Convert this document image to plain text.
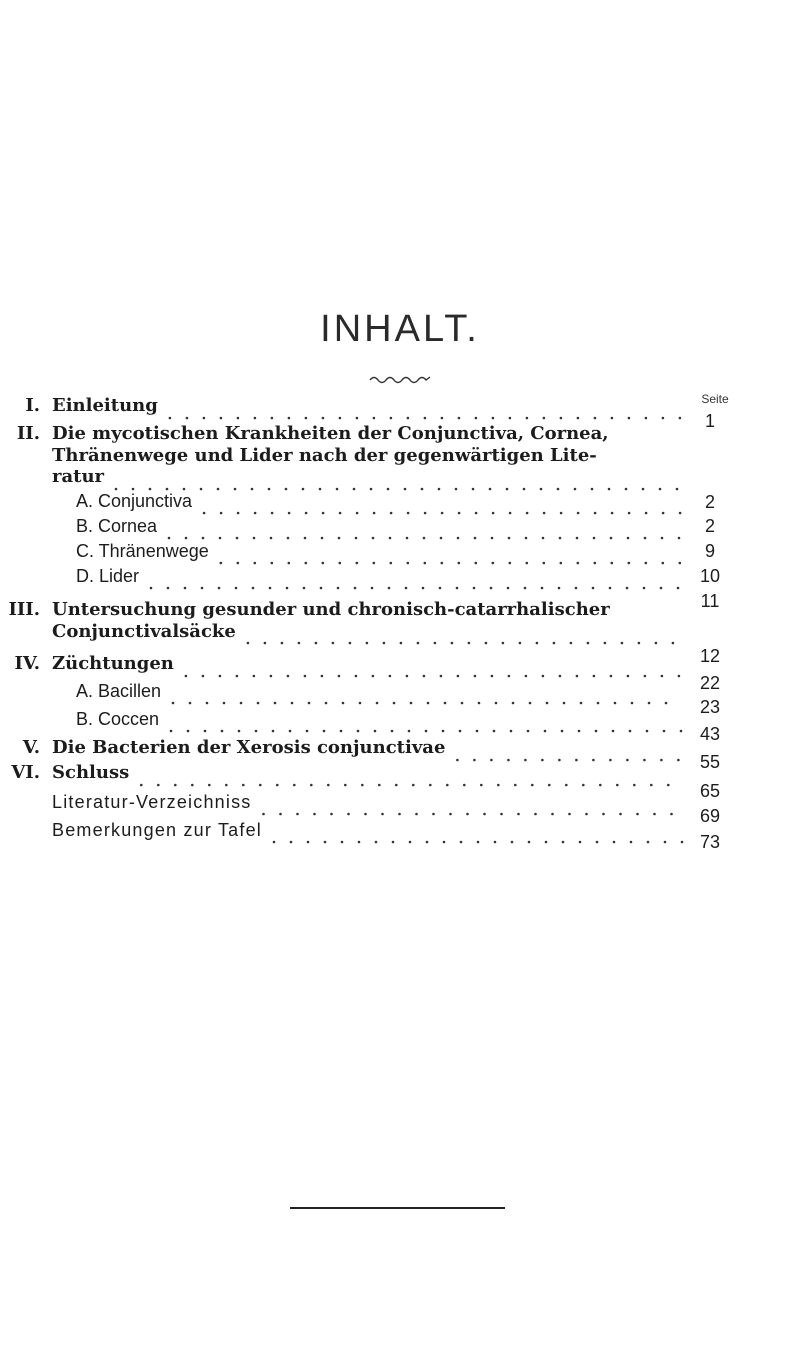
INHALT.
Seite
I. Einleitung
1
II. Die mycotischen Krankheiten der Conjunctiva, Cornea,
Thränenwege und Lider nach der gegenwärtigen Lite-
ratur
2
A. Conjunctiva
2
B. Cornea
9
C. Thränenwege
10
D. Lider
11
III. Untersuchung gesunder und chronisch-catarrhalischer
Conjunctivalsäcke
12
IV. Züchtungen
22
A. Bacillen
23
B. Coccen
43
V. Die Bacterien der Xerosis conjunctivae
55
VI. Schluss
65
Literatur-Verzeichniss
69
Bemerkungen zur Tafel
73
